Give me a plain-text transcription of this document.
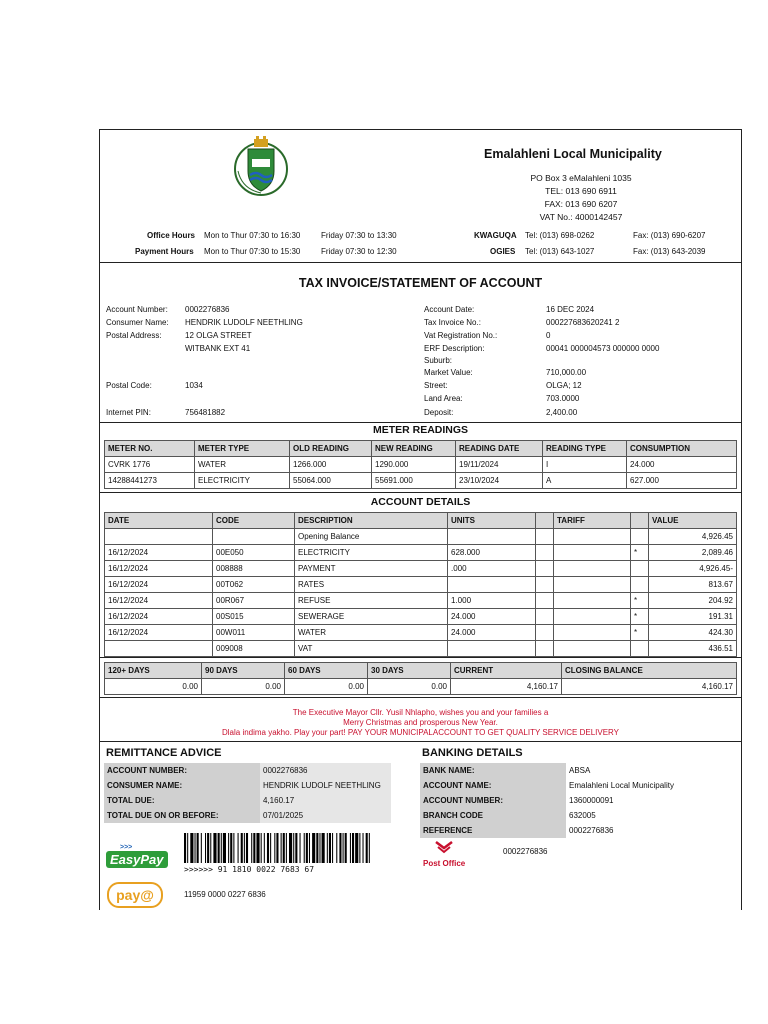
Emalahleni Local Municipality
PO Box 3 eMalahleni 1035
TEL: 013 690 6911
FAX: 013 690 6207
VAT No.: 4000142457
Office Hours Mon to Thur 07:30 to 16:30	Friday 07:30 to 13:30
Payment Hours Mon to Thur 07:30 to 15:30	Friday 07:30 to 12:30
KWAGUQA Tel: (013) 698-0262	Fax: (013) 690-6207
OGIES Tel: (013) 643-1027	Fax: (013) 643-2039
TAX INVOICE/STATEMENT OF ACCOUNT
Account Number: 0002276836
Consumer Name: HENDRIK LUDOLF NEETHLING
Postal Address:	12 OLGA STREET
WITBANK EXT 41
Postal Code:	1034
Internet PIN:	756481882
Account Date:	16 DEC 2024
Tax Invoice No.:	000227683620241 2
Vat Registration No.:	0
ERF Description:	00041 000004573 000000 0000
Suburb:
Market Value:	710,000.00
Street:	OLGA; 12
Land Area:	703.0000
Deposit:	2,400.00
METER READINGS
METER NO.	METER TYPE	OLD READING	NEW READING	READING DATE	READING TYPE	CONSUMPTION
CVRK 1776	WATER	1266.000	1290.000	19/11/2024	I	24.000
14288441273	ELECTRICITY	55064.000	55691.000	23/10/2024	A	627.000
ACCOUNT DETAILS
DATE	CODE	DESCRIPTION	UNITS		TARIFF		VALUE
		Opening Balance					4,926.45
16/12/2024	00E050	ELECTRICITY	628.000			*	2,089.46
16/12/2024	008888	PAYMENT	.000				4,926.45-
16/12/2024	00T062	RATES					813.67
16/12/2024	00R067	REFUSE	1.000			*	204.92
16/12/2024	00S015	SEWERAGE	24.000			*	191.31
16/12/2024	00W011	WATER	24.000			*	424.30
	009008	VAT					436.51
120+ DAYS	90 DAYS	60 DAYS	30 DAYS	CURRENT	CLOSING BALANCE
0.00	0.00	0.00	0.00	4,160.17	4,160.17
The Executive Mayor Cllr. Yusil Nhlapho, wishes you and your families a
Merry Christmas and prosperous New Year.
Dlala indima yakho. Play your part! PAY YOUR MUNICIPALACCOUNT TO GET QUALITY SERVICE DELIVERY
REMITTANCE ADVICE
ACCOUNT NUMBER:	0002276836
CONSUMER NAME:	HENDRIK LUDOLF NEETHLING
TOTAL DUE:	4,160.17
TOTAL DUE ON OR BEFORE:	07/01/2025
BANKING DETAILS
BANK NAME:	ABSA
ACCOUNT NAME:	Emalahleni Local Municipality
ACCOUNT NUMBER:	1360000091
BRANCH CODE	632005
REFERENCE	0002276836
>>>
EasyPay
>>>>>> 91 1810 0022 7683 67
pay@	11959 0000 0227 6836
Post Office
0002276836
